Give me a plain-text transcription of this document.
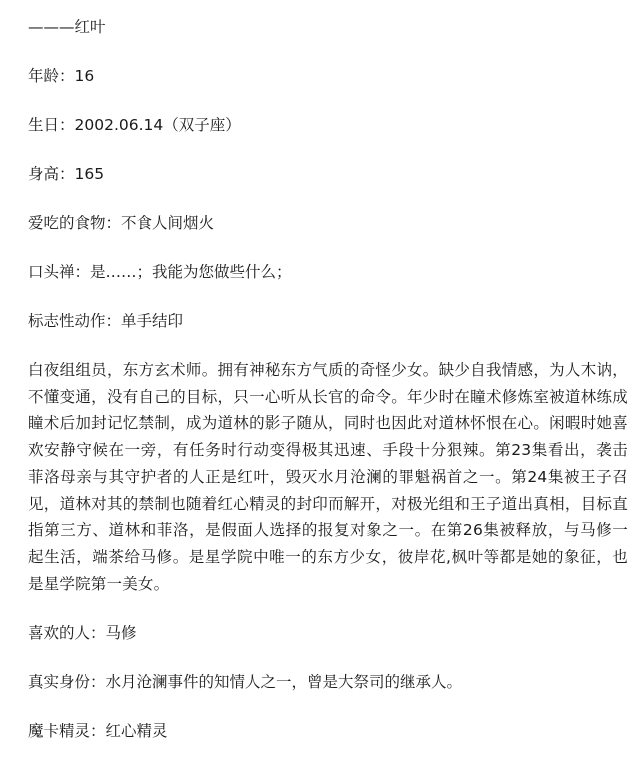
———红叶
年龄：16
生日：2002.06.14（双子座）
身高：165
爱吃的食物：不食人间烟火
口头禅：是……；我能为您做些什么；
标志性动作：单手结印
白夜组组员，东方玄术师。拥有神秘东方气质的奇怪少女。缺少自我情感，为人木讷，不懂变通，没有自己的目标，只一心听从长官的命令。年少时在瞳术修炼室被道林练成瞳术后加封记忆禁制，成为道林的影子随从，同时也因此对道林怀恨在心。闲暇时她喜欢安静守候在一旁，有任务时行动变得极其迅速、手段十分狠辣。第23集看出，袭击菲洛母亲与其守护者的人正是红叶，毁灭水月沧澜的罪魁祸首之一。第24集被王子召见，道林对其的禁制也随着红心精灵的封印而解开，对极光组和王子道出真相，目标直指第三方、道林和菲洛，是假面人选择的报复对象之一。在第26集被释放，与马修一起生活，端茶给马修。是星学院中唯一的东方少女，彼岸花,枫叶等都是她的象征，也是星学院第一美女。
喜欢的人：马修
真实身份：水月沧澜事件的知情人之一，曾是大祭司的继承人。
魔卡精灵：红心精灵
